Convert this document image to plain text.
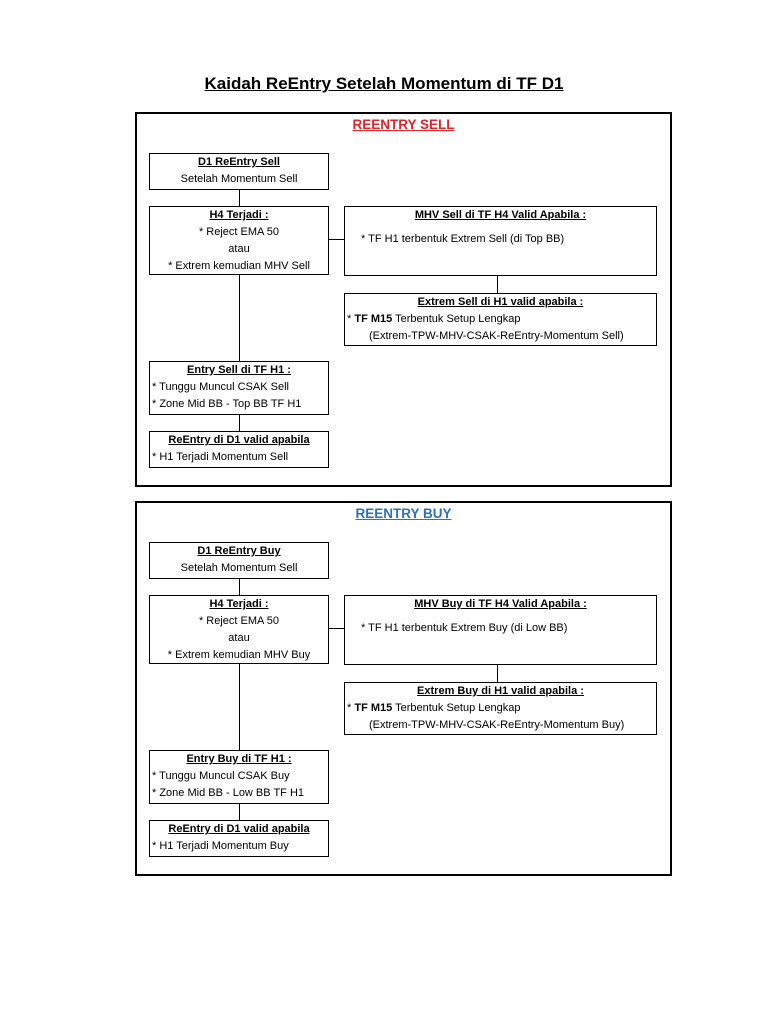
Kaidah ReEntry Setelah Momentum di TF D1
REENTRY SELL
D1 ReEntry Sell
Setelah Momentum Sell
H4 Terjadi :
* Reject EMA 50
atau
* Extrem kemudian MHV Sell
MHV Sell di TF H4 Valid Apabila :
* TF H1 terbentuk Extrem Sell (di Top BB)
Extrem Sell di H1 valid apabila :
* TF M15 Terbentuk Setup Lengkap
(Extrem-TPW-MHV-CSAK-ReEntry-Momentum Sell)
Entry Sell di TF H1 :
* Tunggu Muncul CSAK Sell
* Zone Mid BB - Top BB TF H1
ReEntry di D1 valid apabila
* H1 Terjadi Momentum Sell
REENTRY BUY
D1 ReEntry Buy
Setelah Momentum Sell
H4 Terjadi :
* Reject EMA 50
atau
* Extrem kemudian MHV Buy
MHV Buy di TF H4 Valid Apabila :
* TF H1 terbentuk Extrem Buy (di Low BB)
Extrem Buy di H1 valid apabila :
* TF M15 Terbentuk Setup Lengkap
(Extrem-TPW-MHV-CSAK-ReEntry-Momentum Buy)
Entry Buy di TF H1 :
* Tunggu Muncul CSAK Buy
* Zone Mid BB - Low BB TF H1
ReEntry di D1 valid apabila
* H1 Terjadi Momentum Buy
